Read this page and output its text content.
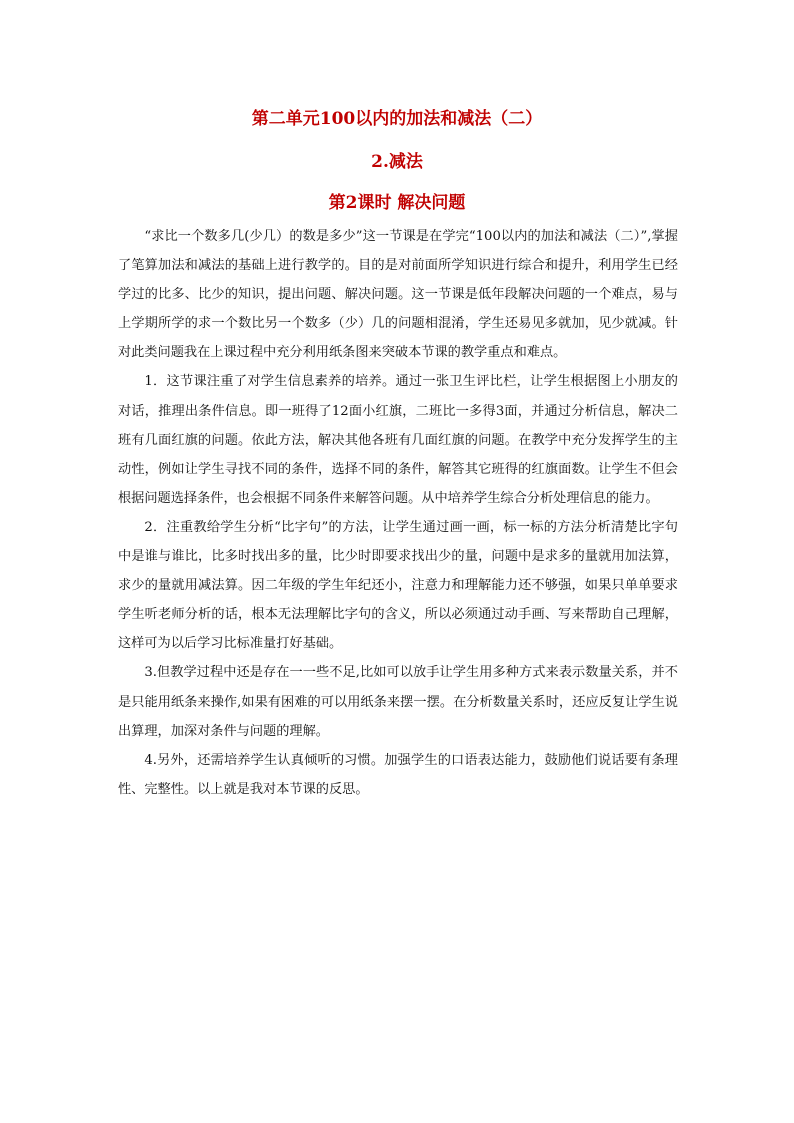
第二单元100以内的加法和减法（二）
2.减法
第2课时 解决问题

“求比一个数多几(少几）的数是多少”这一节课是在学完“100以内的加法和减法（二）”,掌握了笔算加法和减法的基础上进行教学的。目的是对前面所学知识进行综合和提升，利用学生已经学过的比多、比少的知识，提出问题、解决问题。这一节课是低年段解决问题的一个难点，易与上学期所学的求一个数比另一个数多（少）几的问题相混淆，学生还易见多就加，见少就减。针对此类问题我在上课过程中充分利用纸条图来突破本节课的教学重点和难点。

1．这节课注重了对学生信息素养的培养。通过一张卫生评比栏，让学生根据图上小朋友的对话，推理出条件信息。即一班得了12面小红旗，二班比一多得3面，并通过分析信息，解决二班有几面红旗的问题。依此方法，解决其他各班有几面红旗的问题。在教学中充分发挥学生的主动性，例如让学生寻找不同的条件，选择不同的条件，解答其它班得的红旗面数。让学生不但会根据问题选择条件，也会根据不同条件来解答问题。从中培养学生综合分析处理信息的能力。

2．注重教给学生分析“比字句”的方法，让学生通过画一画，标一标的方法分析清楚比字句中是谁与谁比，比多时找出多的量，比少时即要求找出少的量，问题中是求多的量就用加法算，求少的量就用减法算。因二年级的学生年纪还小，注意力和理解能力还不够强，如果只单单要求学生听老师分析的话，根本无法理解比字句的含义，所以必须通过动手画、写来帮助自己理解，这样可为以后学习比标准量打好基础。

3.但教学过程中还是存在一一些不足,比如可以放手让学生用多种方式来表示数量关系，并不是只能用纸条来操作,如果有困难的可以用纸条来摆一摆。在分析数量关系时，还应反复让学生说出算理，加深对条件与问题的理解。

4.另外，还需培养学生认真倾听的习惯。加强学生的口语表达能力，鼓励他们说话要有条理性、完整性。以上就是我对本节课的反思。
